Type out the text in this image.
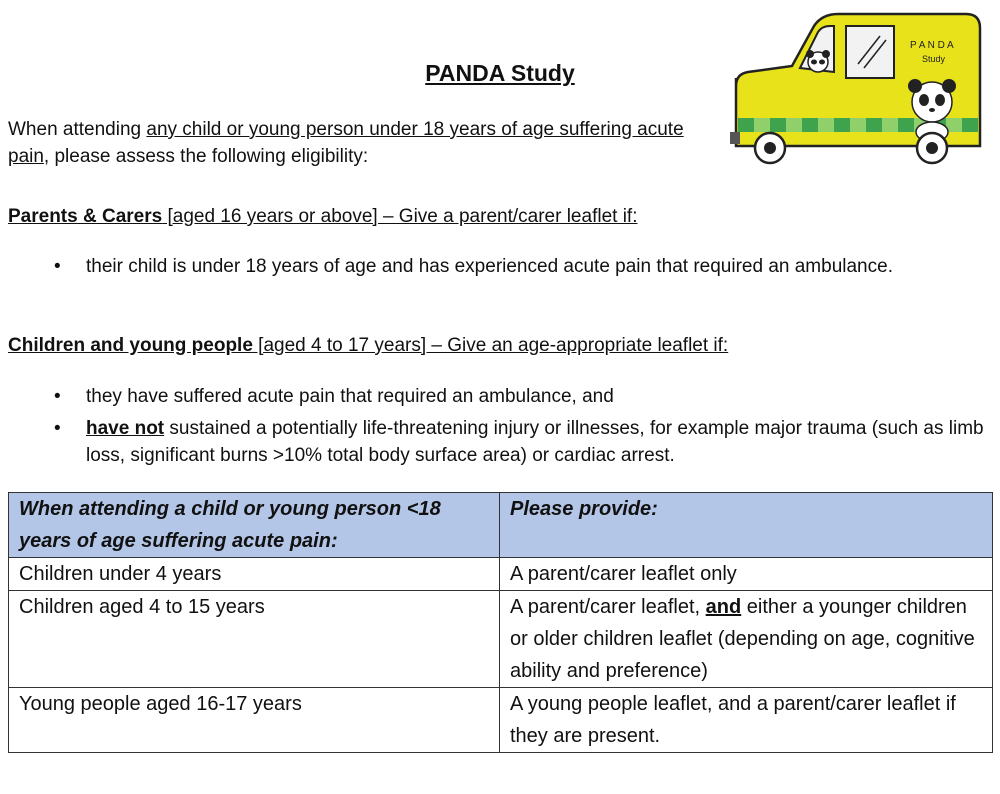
PANDA Study
When attending any child or young person under 18 years of age suffering acute pain, please assess the following eligibility:
Parents & Carers [aged 16 years or above] – Give a parent/carer leaflet if:
• their child is under 18 years of age and has experienced acute pain that required an ambulance.
Children and young people [aged 4 to 17 years] – Give an age-appropriate leaflet if:
• they have suffered acute pain that required an ambulance, and
• have not sustained a potentially life-threatening injury or illnesses, for example major trauma (such as limb loss, significant burns >10% total body surface area) or cardiac arrest.
When attending a child or young person <18 years of age suffering acute pain:	Please provide:
Children under 4 years	A parent/carer leaflet only
Children aged 4 to 15 years	A parent/carer leaflet, and either a younger children or older children leaflet (depending on age, cognitive ability and preference)
Young people aged 16-17 years	A young people leaflet, and a parent/carer leaflet if they are present.
P A N D A
Study
